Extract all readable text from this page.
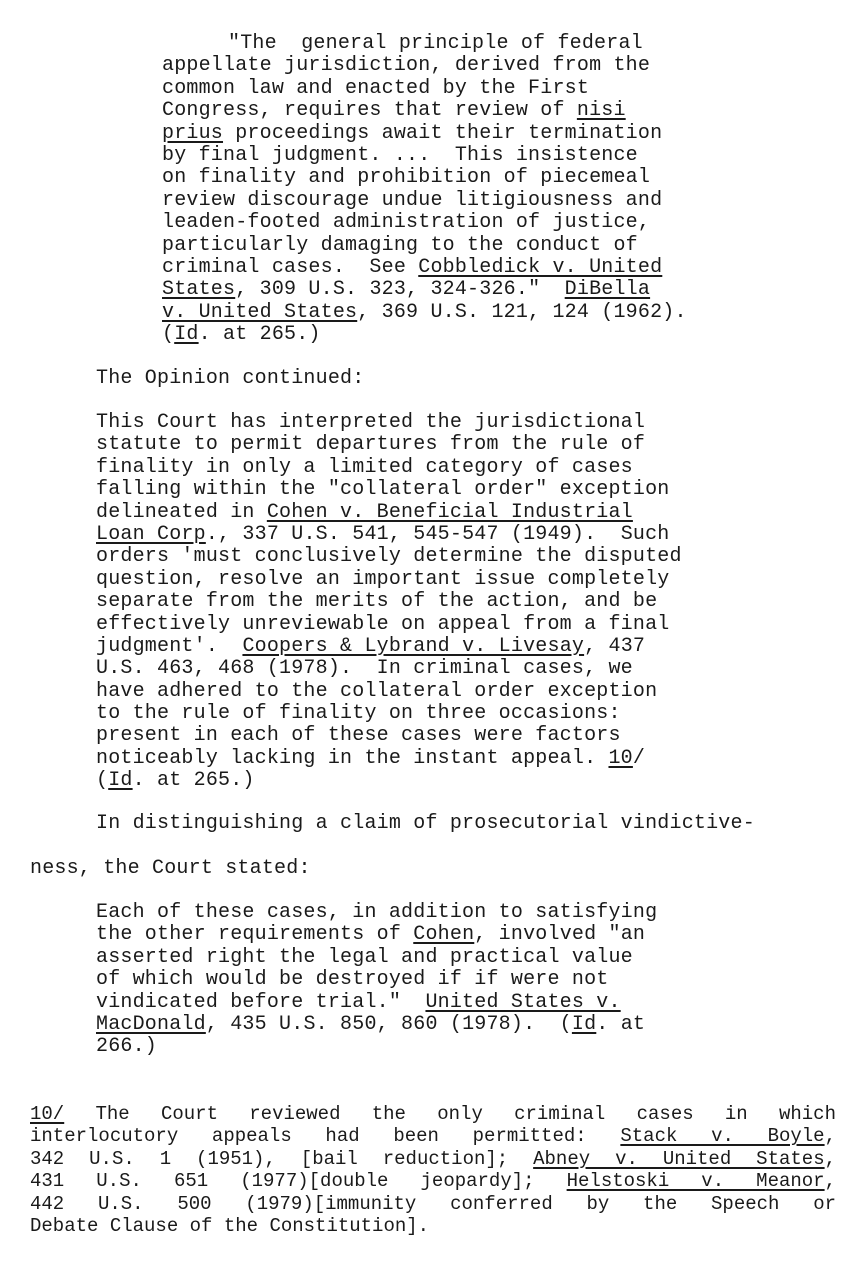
"The  general principle of federal
appellate jurisdiction, derived from the
common law and enacted by the First
Congress, requires that review of nisi
prius proceedings await their termination
by final judgment. ...  This insistence
on finality and prohibition of piecemeal
review discourage undue litigiousness and
leaden-footed administration of justice,
particularly damaging to the conduct of
criminal cases.  See Cobbledick v. United
States, 309 U.S. 323, 324-326."  DiBella
v. United States, 369 U.S. 121, 124 (1962).
(Id. at 265.)
The Opinion continued:
This Court has interpreted the jurisdictional
statute to permit departures from the rule of
finality in only a limited category of cases
falling within the "collateral order" exception
delineated in Cohen v. Beneficial Industrial
Loan Corp., 337 U.S. 541, 545-547 (1949).  Such
orders 'must conclusively determine the disputed
question, resolve an important issue completely
separate from the merits of the action, and be
effectively unreviewable on appeal from a final
judgment'.  Coopers & Lybrand v. Livesay, 437
U.S. 463, 468 (1978).  In criminal cases, we
have adhered to the collateral order exception
to the rule of finality on three occasions:
present in each of these cases were factors
noticeably lacking in the instant appeal. 10/
(Id. at 265.)
In distinguishing a claim of prosecutorial vindictive-
ness, the Court stated:
Each of these cases, in addition to satisfying
the other requirements of Cohen, involved "an
asserted right the legal and practical value
of which would be destroyed if if were not
vindicated before trial."  United States v.
MacDonald, 435 U.S. 850, 860 (1978).  (Id. at
266.)
10/ The Court reviewed the only criminal cases in which
interlocutory appeals had been permitted: Stack v. Boyle,
342 U.S. 1 (1951), [bail reduction]; Abney v. United States,
431 U.S. 651 (1977)[double jeopardy]; Helstoski v. Meanor,
442 U.S. 500 (1979)[immunity conferred by the Speech or
Debate Clause of the Constitution].
